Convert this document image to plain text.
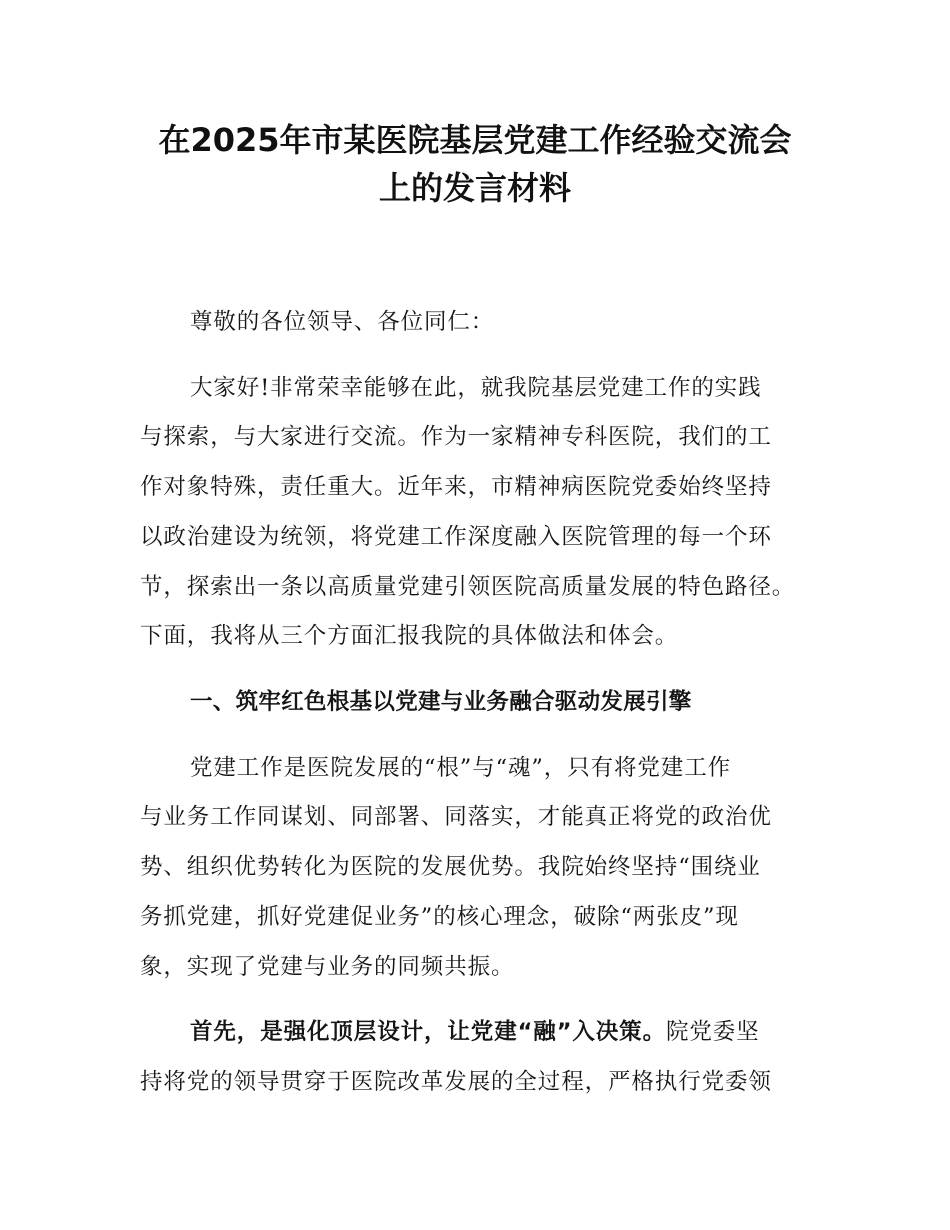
在2025年市某医院基层党建工作经验交流会
上的发言材料
尊敬的各位领导、各位同仁：
大家好!非常荣幸能够在此，就我院基层党建工作的实践
与探索，与大家进行交流。作为一家精神专科医院，我们的工
作对象特殊，责任重大。近年来，市精神病医院党委始终坚持
以政治建设为统领，将党建工作深度融入医院管理的每一个环
节，探索出一条以高质量党建引领医院高质量发展的特色路径。
下面，我将从三个方面汇报我院的具体做法和体会。
一、筑牢红色根基以党建与业务融合驱动发展引擎
党建工作是医院发展的“根”与“魂”，只有将党建工作
与业务工作同谋划、同部署、同落实，才能真正将党的政治优
势、组织优势转化为医院的发展优势。我院始终坚持“围绕业
务抓党建，抓好党建促业务”的核心理念，破除“两张皮”现
象，实现了党建与业务的同频共振。
首先，是强化顶层设计，让党建“融”入决策。院党委坚
持将党的领导贯穿于医院改革发展的全过程，严格执行党委领
